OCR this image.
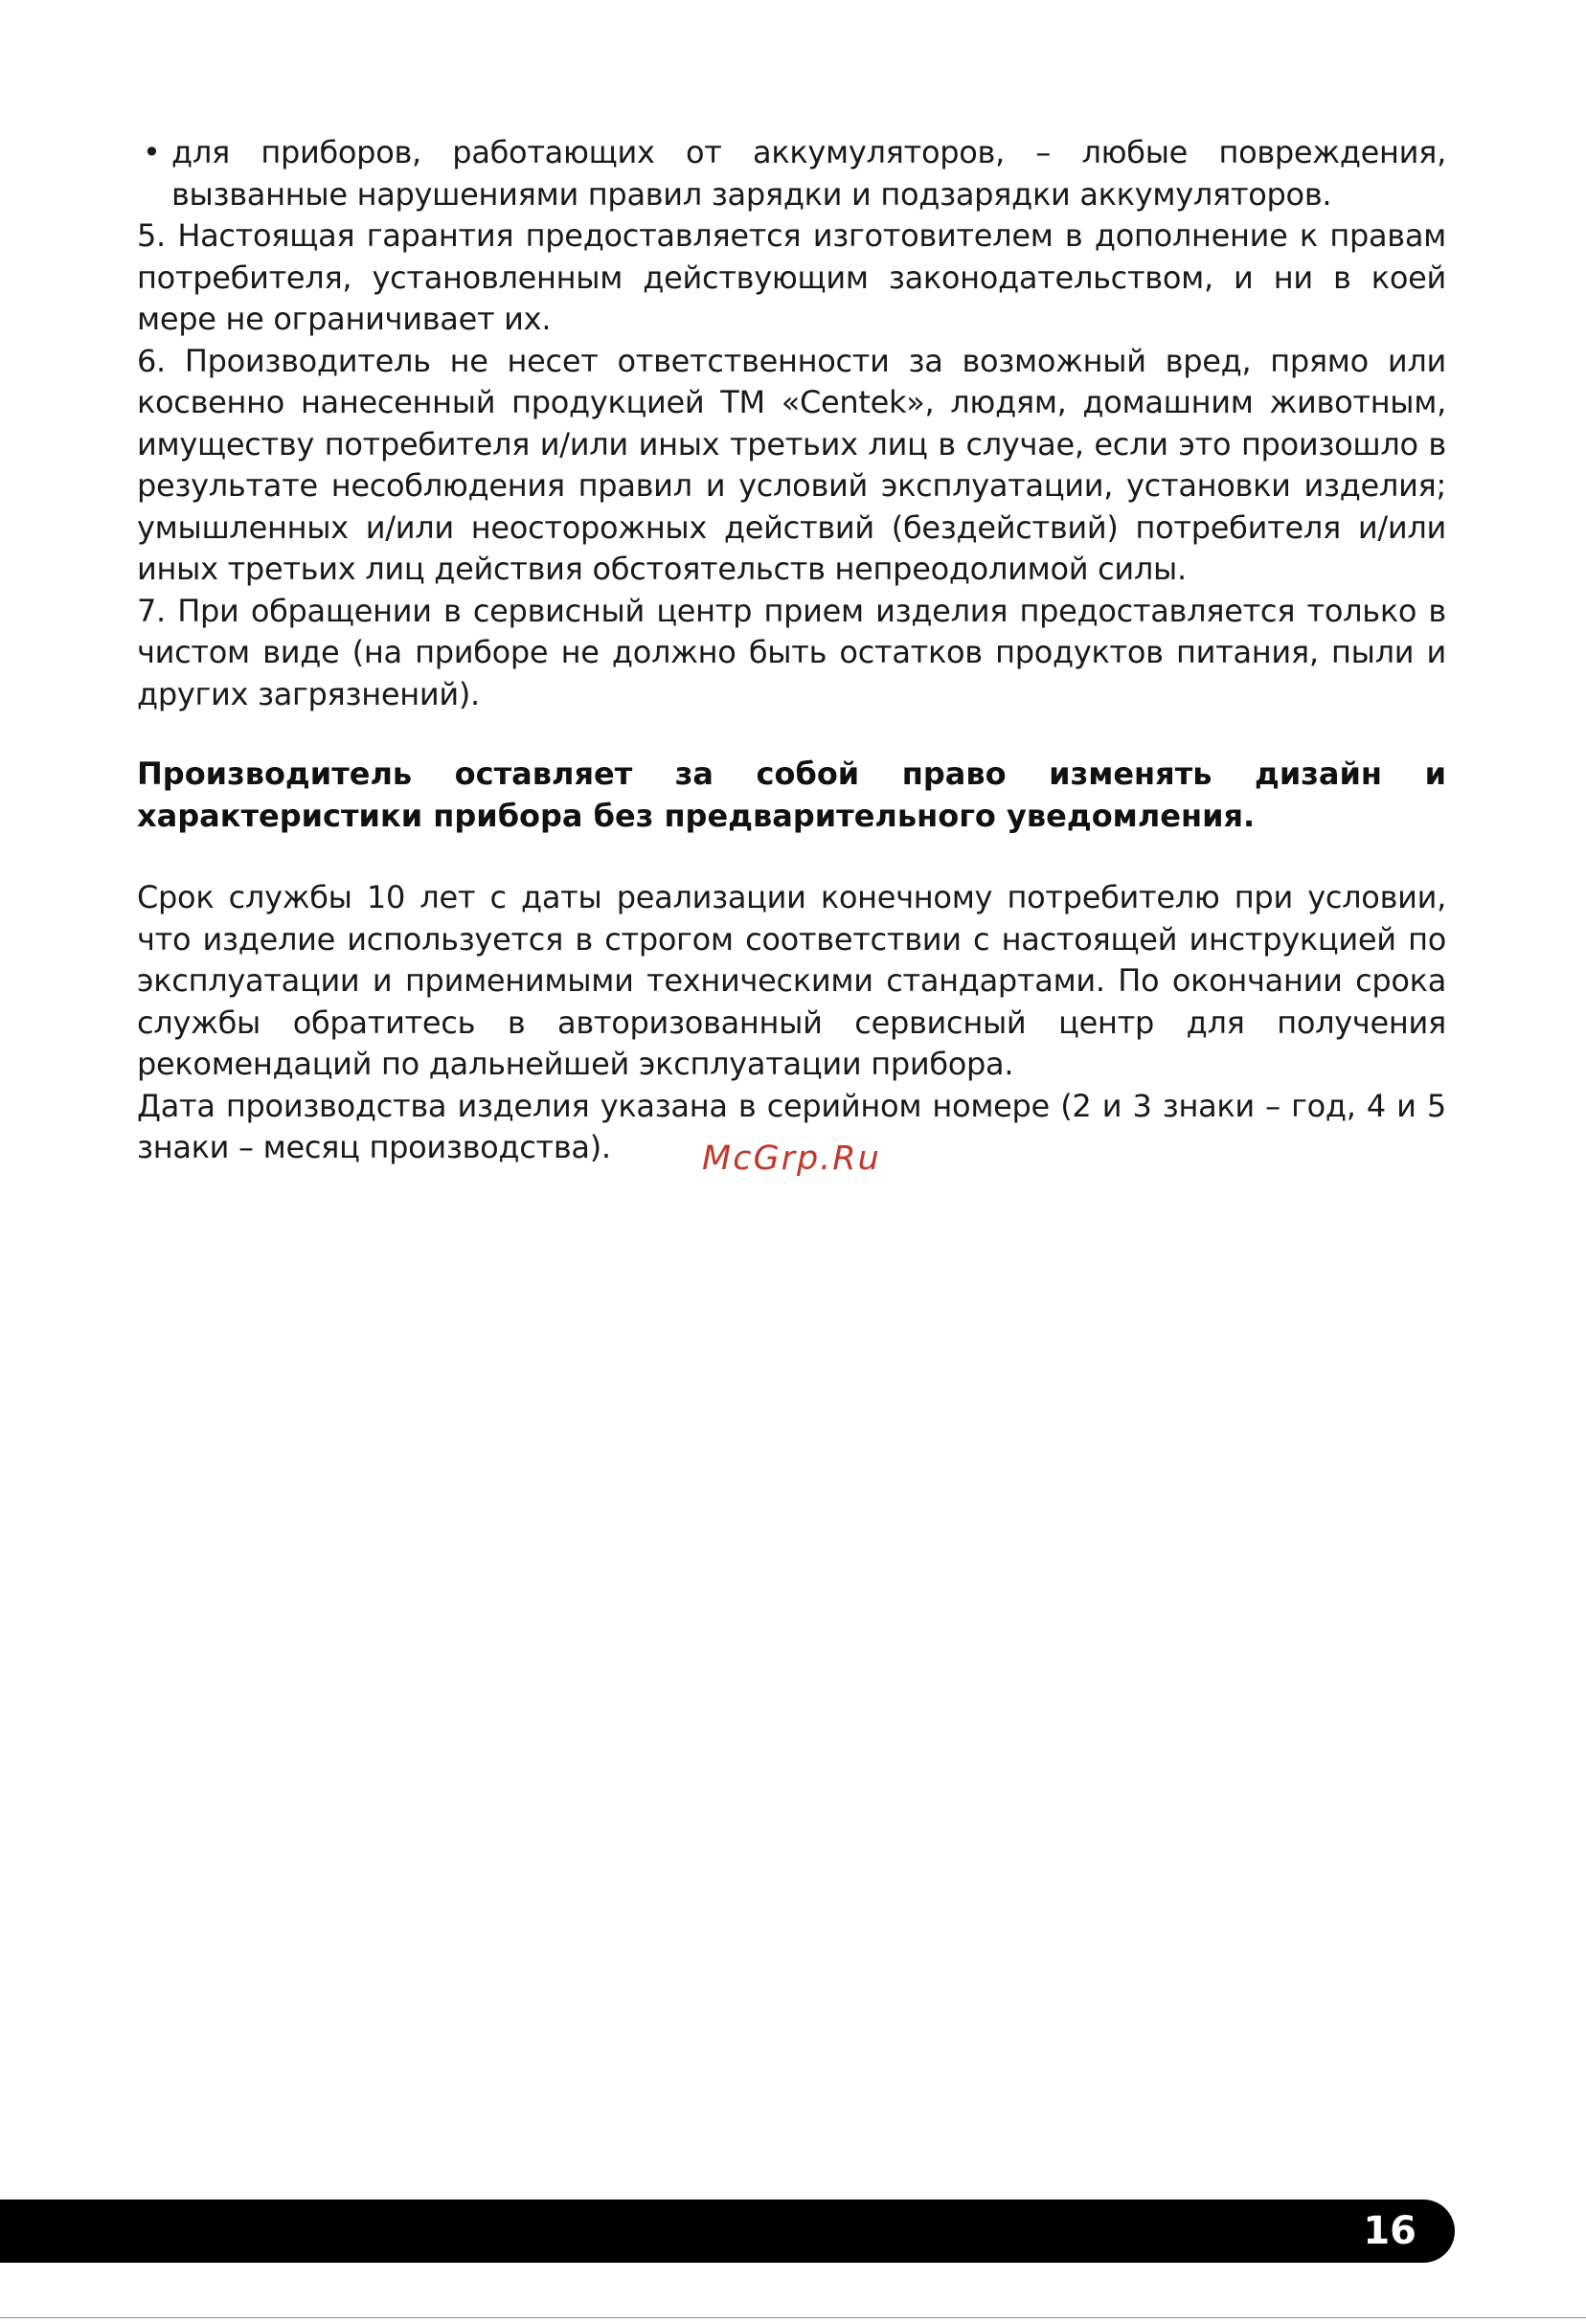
• для приборов, работающих от аккумуляторов, – любые повреждения, вызванные нарушениями правил зарядки и подзарядки аккумуляторов.

5. Настоящая гарантия предоставляется изготовителем в дополнение к правам потребителя, установленным действующим законодательством, и ни в коей мере не ограничивает их.

6. Производитель не несет ответственности за возможный вред, прямо или косвенно нанесенный продукцией ТМ «Centek», людям, домашним животным, имуществу потребителя и/или иных третьих лиц в случае, если это произошло в результате несоблюдения правил и условий эксплуатации, установки изделия; умышленных и/или неосторожных действий (бездействий) потребителя и/или иных третьих лиц действия обстоятельств непреодолимой силы.

7. При обращении в сервисный центр прием изделия предоставляется только в чистом виде (на приборе не должно быть остатков продуктов питания, пыли и других загрязнений).

Производитель оставляет за собой право изменять дизайн и характеристики прибора без предварительного уведомления.

Срок службы 10 лет с даты реализации конечному потребителю при условии, что изделие используется в строгом соответствии с настоящей инструкцией по эксплуатации и применимыми техническими стандартами. По окончании срока службы обратитесь в авторизованный сервисный центр для получения рекомендаций по дальнейшей эксплуатации прибора.

Дата производства изделия указана в серийном номере (2 и 3 знаки – год, 4 и 5 знаки – месяц производства).	McGrp.Ru
16
